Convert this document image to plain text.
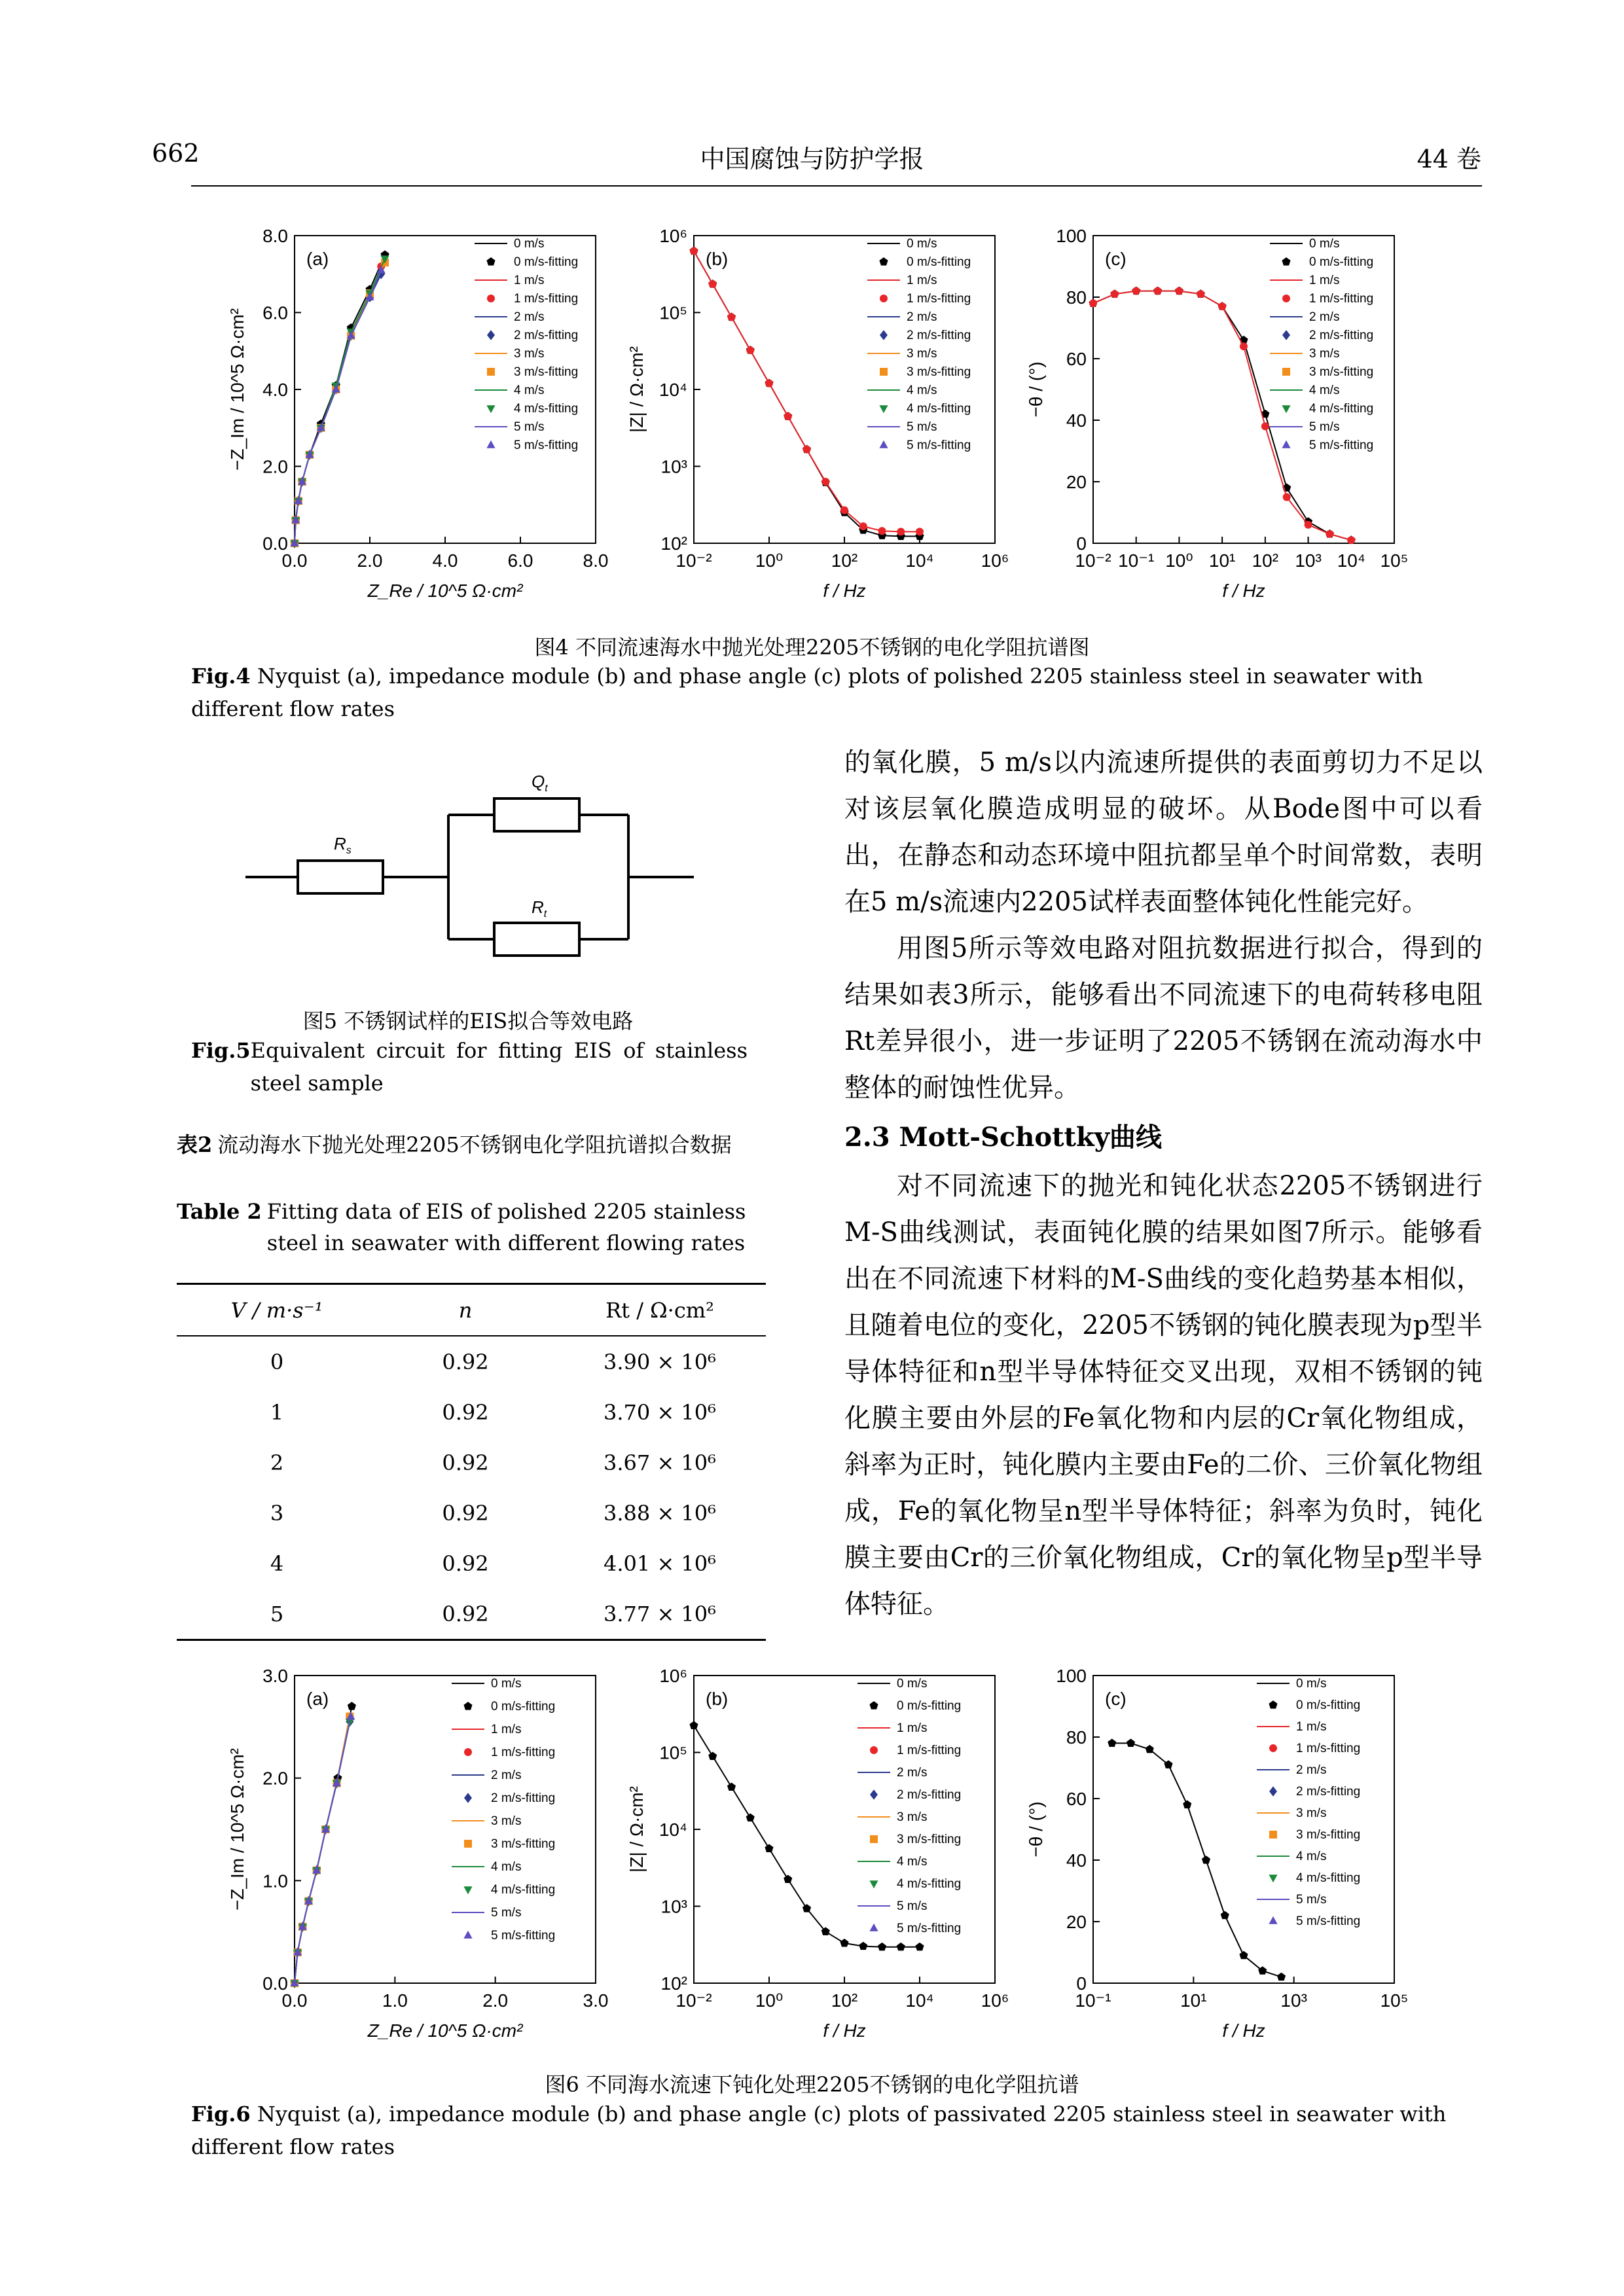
662	中国腐蚀与防护学报	44 卷
(a)
0.0	2.0	4.0	6.0	8.0
0.0
2.0
4.0
6.0
8.0
Z_Re / 10^5 Ω·cm²
−Z_Im / 10^5 Ω·cm²
0 m/s
0 m/s-fitting
1 m/s
1 m/s-fitting
2 m/s
2 m/s-fitting
3 m/s
3 m/s-fitting
4 m/s
4 m/s-fitting
5 m/s
5 m/s-fitting
(b)
10⁻² 10⁰	10²	10⁴	10⁶
10²
10³
10⁴
10⁵
10⁶
f / Hz
|Z| / Ω·cm²
0 m/s
0 m/s-fitting
1 m/s
1 m/s-fitting
2 m/s
2 m/s-fitting
3 m/s
3 m/s-fitting
4 m/s
4 m/s-fitting
5 m/s
5 m/s-fitting
(c)
10⁻² 10⁻¹ 10⁰ 10¹ 10² 10³ 10⁴ 10⁵
0
20
40
60
80
100
f / Hz
−θ / (°)
0 m/s
0 m/s-fitting
1 m/s
1 m/s-fitting
2 m/s
2 m/s-fitting
3 m/s
3 m/s-fitting
4 m/s
4 m/s-fitting
5 m/s
5 m/s-fitting
图4 不同流速海水中抛光处理2205不锈钢的电化学阻抗谱图
Fig.4 Nyquist (a), impedance module (b) and phase angle (c) plots of polished 2205 stainless steel in seawater with different flow rates
$R_s$
$Q_t$
$R_t$
图5 不锈钢试样的EIS拟合等效电路
Fig.5 Equivalent circuit for fitting EIS of stainless steel sample
表2 流动海水下抛光处理2205不锈钢电化学阻抗谱拟合数据
Table 2 Fitting data of EIS of polished 2205 stainless steel in seawater with different flowing rates
V / m·s⁻¹	n	Rt / Ω·cm²
0	0.92	3.90 × 10⁶
1	0.92	3.70 × 10⁶
2	0.92	3.67 × 10⁶
3	0.92	3.88 × 10⁶
4	0.92	4.01 × 10⁶
5	0.92	3.77 × 10⁶

的氧化膜，5 m/s以内流速所提供的表面剪切力不足以对该层氧化膜造成明显的破坏。从Bode图中可以看出，在静态和动态环境中阻抗都呈单个时间常数，表明在5 m/s流速内2205试样表面整体钝化性能完好。

用图5所示等效电路对阻抗数据进行拟合，得到的结果如表3所示，能够看出不同流速下的电荷转移电阻Rt差异很小，进一步证明了2205不锈钢在流动海水中整体的耐蚀性优异。

2.3 Mott-Schottky曲线

对不同流速下的抛光和钝化状态2205不锈钢进行M-S曲线测试，表面钝化膜的结果如图7所示。能够看出在不同流速下材料的M-S曲线的变化趋势基本相似，且随着电位的变化，2205不锈钢的钝化膜表现为p型半导体特征和n型半导体特征交叉出现，双相不锈钢的钝化膜主要由外层的Fe氧化物和内层的Cr氧化物组成，斜率为正时，钝化膜内主要由Fe的二价、三价氧化物组成，Fe的氧化物呈n型半导体特征；斜率为负时，钝化膜主要由Cr的三价氧化物组成，Cr的氧化物呈p型半导体特征。

(a)
0.0	1.0	2.0	3.0
0.0
1.0
2.0
3.0
Z_Re / 10^5 Ω·cm²
−Z_Im / 10^5 Ω·cm²
0 m/s
0 m/s-fitting
1 m/s
1 m/s-fitting
2 m/s
2 m/s-fitting
3 m/s
3 m/s-fitting
4 m/s
4 m/s-fitting
5 m/s
5 m/s-fitting
(b)
10⁻² 10⁰	10²	10⁴	10⁶
10²
10³
10⁴
10⁵
10⁶
f / Hz
|Z| / Ω·cm²
0 m/s
0 m/s-fitting
1 m/s
1 m/s-fitting
2 m/s
2 m/s-fitting
3 m/s
3 m/s-fitting
4 m/s
4 m/s-fitting
5 m/s
5 m/s-fitting
(c)
10⁻¹	10¹	10³	10⁵
0
20
40
60
80
100
f / Hz
−θ / (°)
0 m/s
0 m/s-fitting
1 m/s
1 m/s-fitting
2 m/s
2 m/s-fitting
3 m/s
3 m/s-fitting
4 m/s
4 m/s-fitting
5 m/s
5 m/s-fitting
图6 不同海水流速下钝化处理2205不锈钢的电化学阻抗谱
Fig.6 Nyquist (a), impedance module (b) and phase angle (c) plots of passivated 2205 stainless steel in seawater with different flow rates
